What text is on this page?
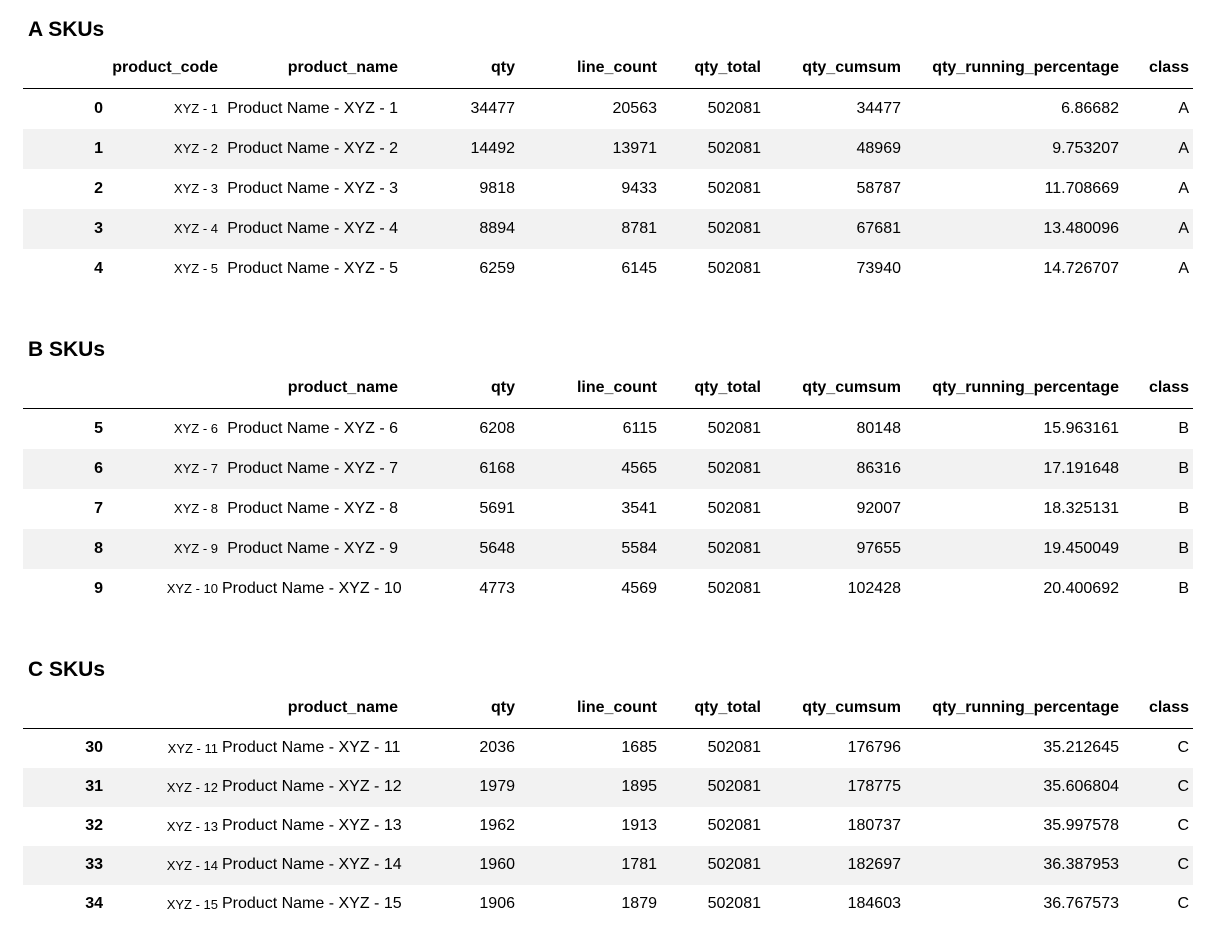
A SKUs
	product_code	product_name	qty	line_count	qty_total	qty_cumsum	qty_running_percentage	class
0	XYZ - 1	Product Name - XYZ - 1	34477	20563	502081	34477	6.86682	A
1	XYZ - 2	Product Name - XYZ - 2	14492	13971	502081	48969	9.753207	A
2	XYZ - 3	Product Name - XYZ - 3	9818	9433	502081	58787	11.708669	A
3	XYZ - 4	Product Name - XYZ - 4	8894	8781	502081	67681	13.480096	A
4	XYZ - 5	Product Name - XYZ - 5	6259	6145	502081	73940	14.726707	A
B SKUs
		product_name	qty	line_count	qty_total	qty_cumsum	qty_running_percentage	class
5	XYZ - 6	Product Name - XYZ - 6	6208	6115	502081	80148	15.963161	B
6	XYZ - 7	Product Name - XYZ - 7	6168	4565	502081	86316	17.191648	B
7	XYZ - 8	Product Name - XYZ - 8	5691	3541	502081	92007	18.325131	B
8	XYZ - 9	Product Name - XYZ - 9	5648	5584	502081	97655	19.450049	B
9	XYZ - 10	Product Name - XYZ - 10	4773	4569	502081	102428	20.400692	B
C SKUs
		product_name	qty	line_count	qty_total	qty_cumsum	qty_running_percentage	class
30	XYZ - 11	Product Name - XYZ - 11	2036	1685	502081	176796	35.212645	C
31	XYZ - 12	Product Name - XYZ - 12	1979	1895	502081	178775	35.606804	C
32	XYZ - 13	Product Name - XYZ - 13	1962	1913	502081	180737	35.997578	C
33	XYZ - 14	Product Name - XYZ - 14	1960	1781	502081	182697	36.387953	C
34	XYZ - 15	Product Name - XYZ - 15	1906	1879	502081	184603	36.767573	C
